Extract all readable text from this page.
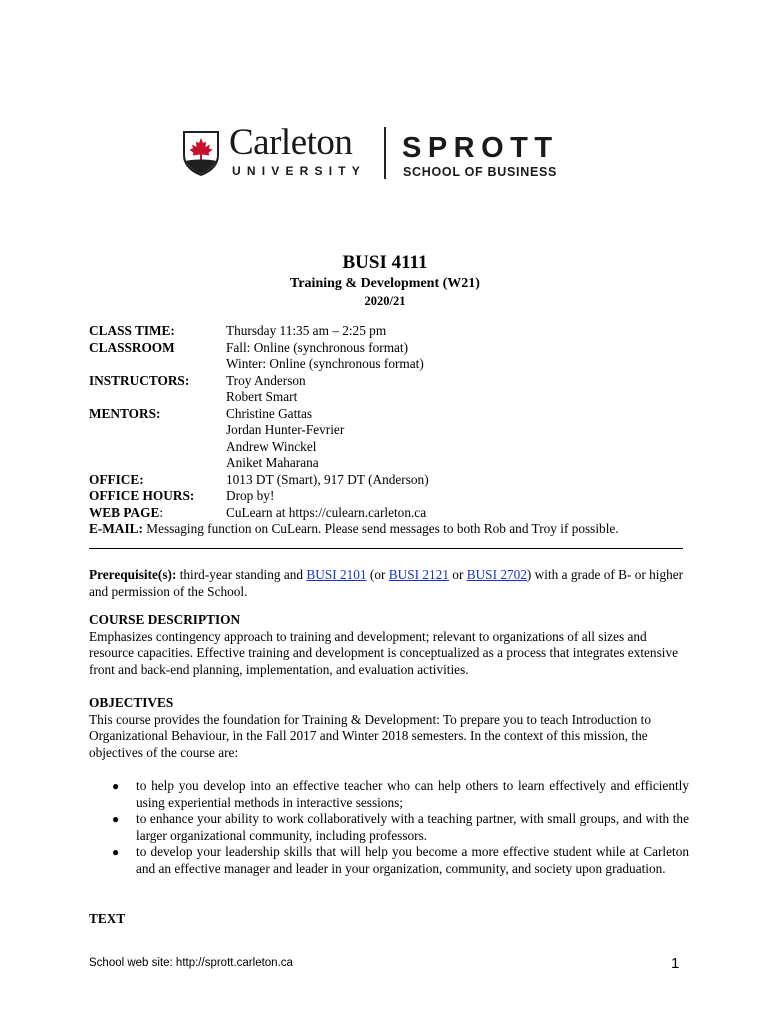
Carleton
UNIVERSITY
SPROTT
SCHOOL OF BUSINESS
BUSI 4111
Training & Development (W21)
2020/21
CLASS TIME:	Thursday 11:35 am – 2:25 pm
CLASSROOM	Fall: Online (synchronous format)
Winter: Online (synchronous format)
INSTRUCTORS:	Troy Anderson
Robert Smart
MENTORS:	Christine Gattas
Jordan Hunter-Fevrier
Andrew Winckel
Aniket Maharana
OFFICE:	1013 DT (Smart), 917 DT (Anderson)
OFFICE HOURS: Drop by!
WEB PAGE:	CuLearn at https://culearn.carleton.ca
E-MAIL: Messaging function on CuLearn. Please send messages to both Rob and Troy if possible.

Prerequisite(s): third-year standing and BUSI 2101 (or BUSI 2121 or BUSI 2702) with a grade of B- or higher and permission of the School.

COURSE DESCRIPTION

Emphasizes contingency approach to training and development; relevant to organizations of all sizes and resource capacities. Effective training and development is conceptualized as a process that integrates extensive front and back-end planning, implementation, and evaluation activities.

OBJECTIVES

This course provides the foundation for Training & Development: To prepare you to teach Introduction to Organizational Behaviour, in the Fall 2017 and Winter 2018 semesters. In the context of this mission, the objectives of the course are:

● to help you develop into an effective teacher who can help others to learn effectively and efficiently using experiential methods in interactive sessions;
● to enhance your ability to work collaboratively with a teaching partner, with small groups, and with the larger organizational community, including professors.
● to develop your leadership skills that will help you become a more effective student while at Carleton and an effective manager and leader in your organization, community, and society upon graduation.
TEXT
School web site: http://sprott.carleton.ca	1
